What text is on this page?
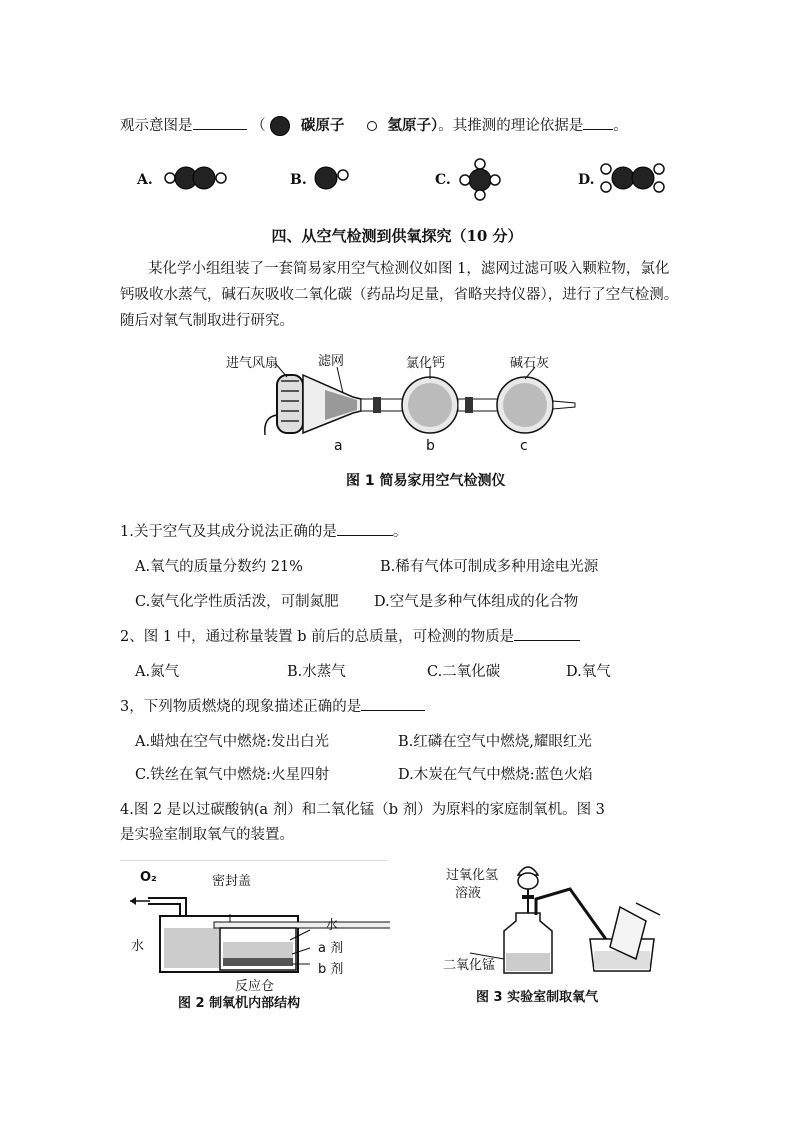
观示意图是	（ 碳原子	氢原子）。其推测的理论依据是 。
A.	B.	C.	D.
四、从空气检测到供氧探究（10 分）
某化学小组组装了一套简易家用空气检测仪如图 1，滤网过滤可吸入颗粒物，氯化钙吸收水蒸气，碱石灰吸收二氧化碳（药品均足量，省略夹持仪器），进行了空气检测。随后对氧气制取进行研究。
进气风扇	滤网	氯化钙	碱石灰
a	b	c
图 1 简易家用空气检测仪
1.关于空气及其成分说法正确的是	。
A.氧气的质量分数约 21%	B.稀有气体可制成多种用途电光源
C.氨气化学性质活泼，可制氮肥 D.空气是多种气体组成的化合物
2、图 1 中，通过称量装置 b 前后的总质量，可检测的物质是
A.氮气	B.水蒸气	C.二氧化碳	D.氧气
3，下列物质燃烧的现象描述正确的是
A.蜡烛在空气中燃烧:发出白光	B.红磷在空气中燃烧,耀眼红光
C.铁丝在氧气中燃烧:火星四射	D.木炭在气气中燃烧:蓝色火焰
4.图 2 是以过碳酸钠(a 剂）和二氧化锰（b 剂）为原料的家庭制氧机。图 3
是实验室制取氧气的装置。
O₂	密封盖
水
水
a 剂
b 剂
反应仓
图 2 制氧机内部结构
过氧化氢
溶液
二氧化锰
图 3 实验室制取氧气
